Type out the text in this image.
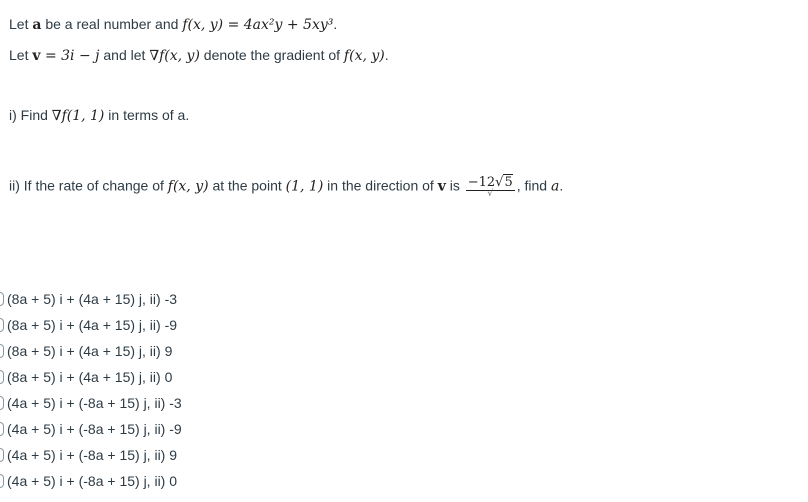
Let a be a real number and f(x, y) = 4ax²y + 5xy³.
Let v = 3i − j and let ∇f(x, y) denote the gradient of f(x, y).
i) Find ∇f(1, 1) in terms of a.
ii) If the rate of change of f(x, y) at the point (1, 1) in the direction of v is $\frac{-12√5}{√}$ , find a.
(8a + 5) i + (4a + 15) j, ii) -3
(8a + 5) i + (4a + 15) j, ii) -9
(8a + 5) i + (4a + 15) j, ii) 9
(8a + 5) i + (4a + 15) j, ii) 0
(4a + 5) i + (-8a + 15) j, ii) -3
(4a + 5) i + (-8a + 15) j, ii) -9
(4a + 5) i + (-8a + 15) j, ii) 9
(4a + 5) i + (-8a + 15) j, ii) 0
